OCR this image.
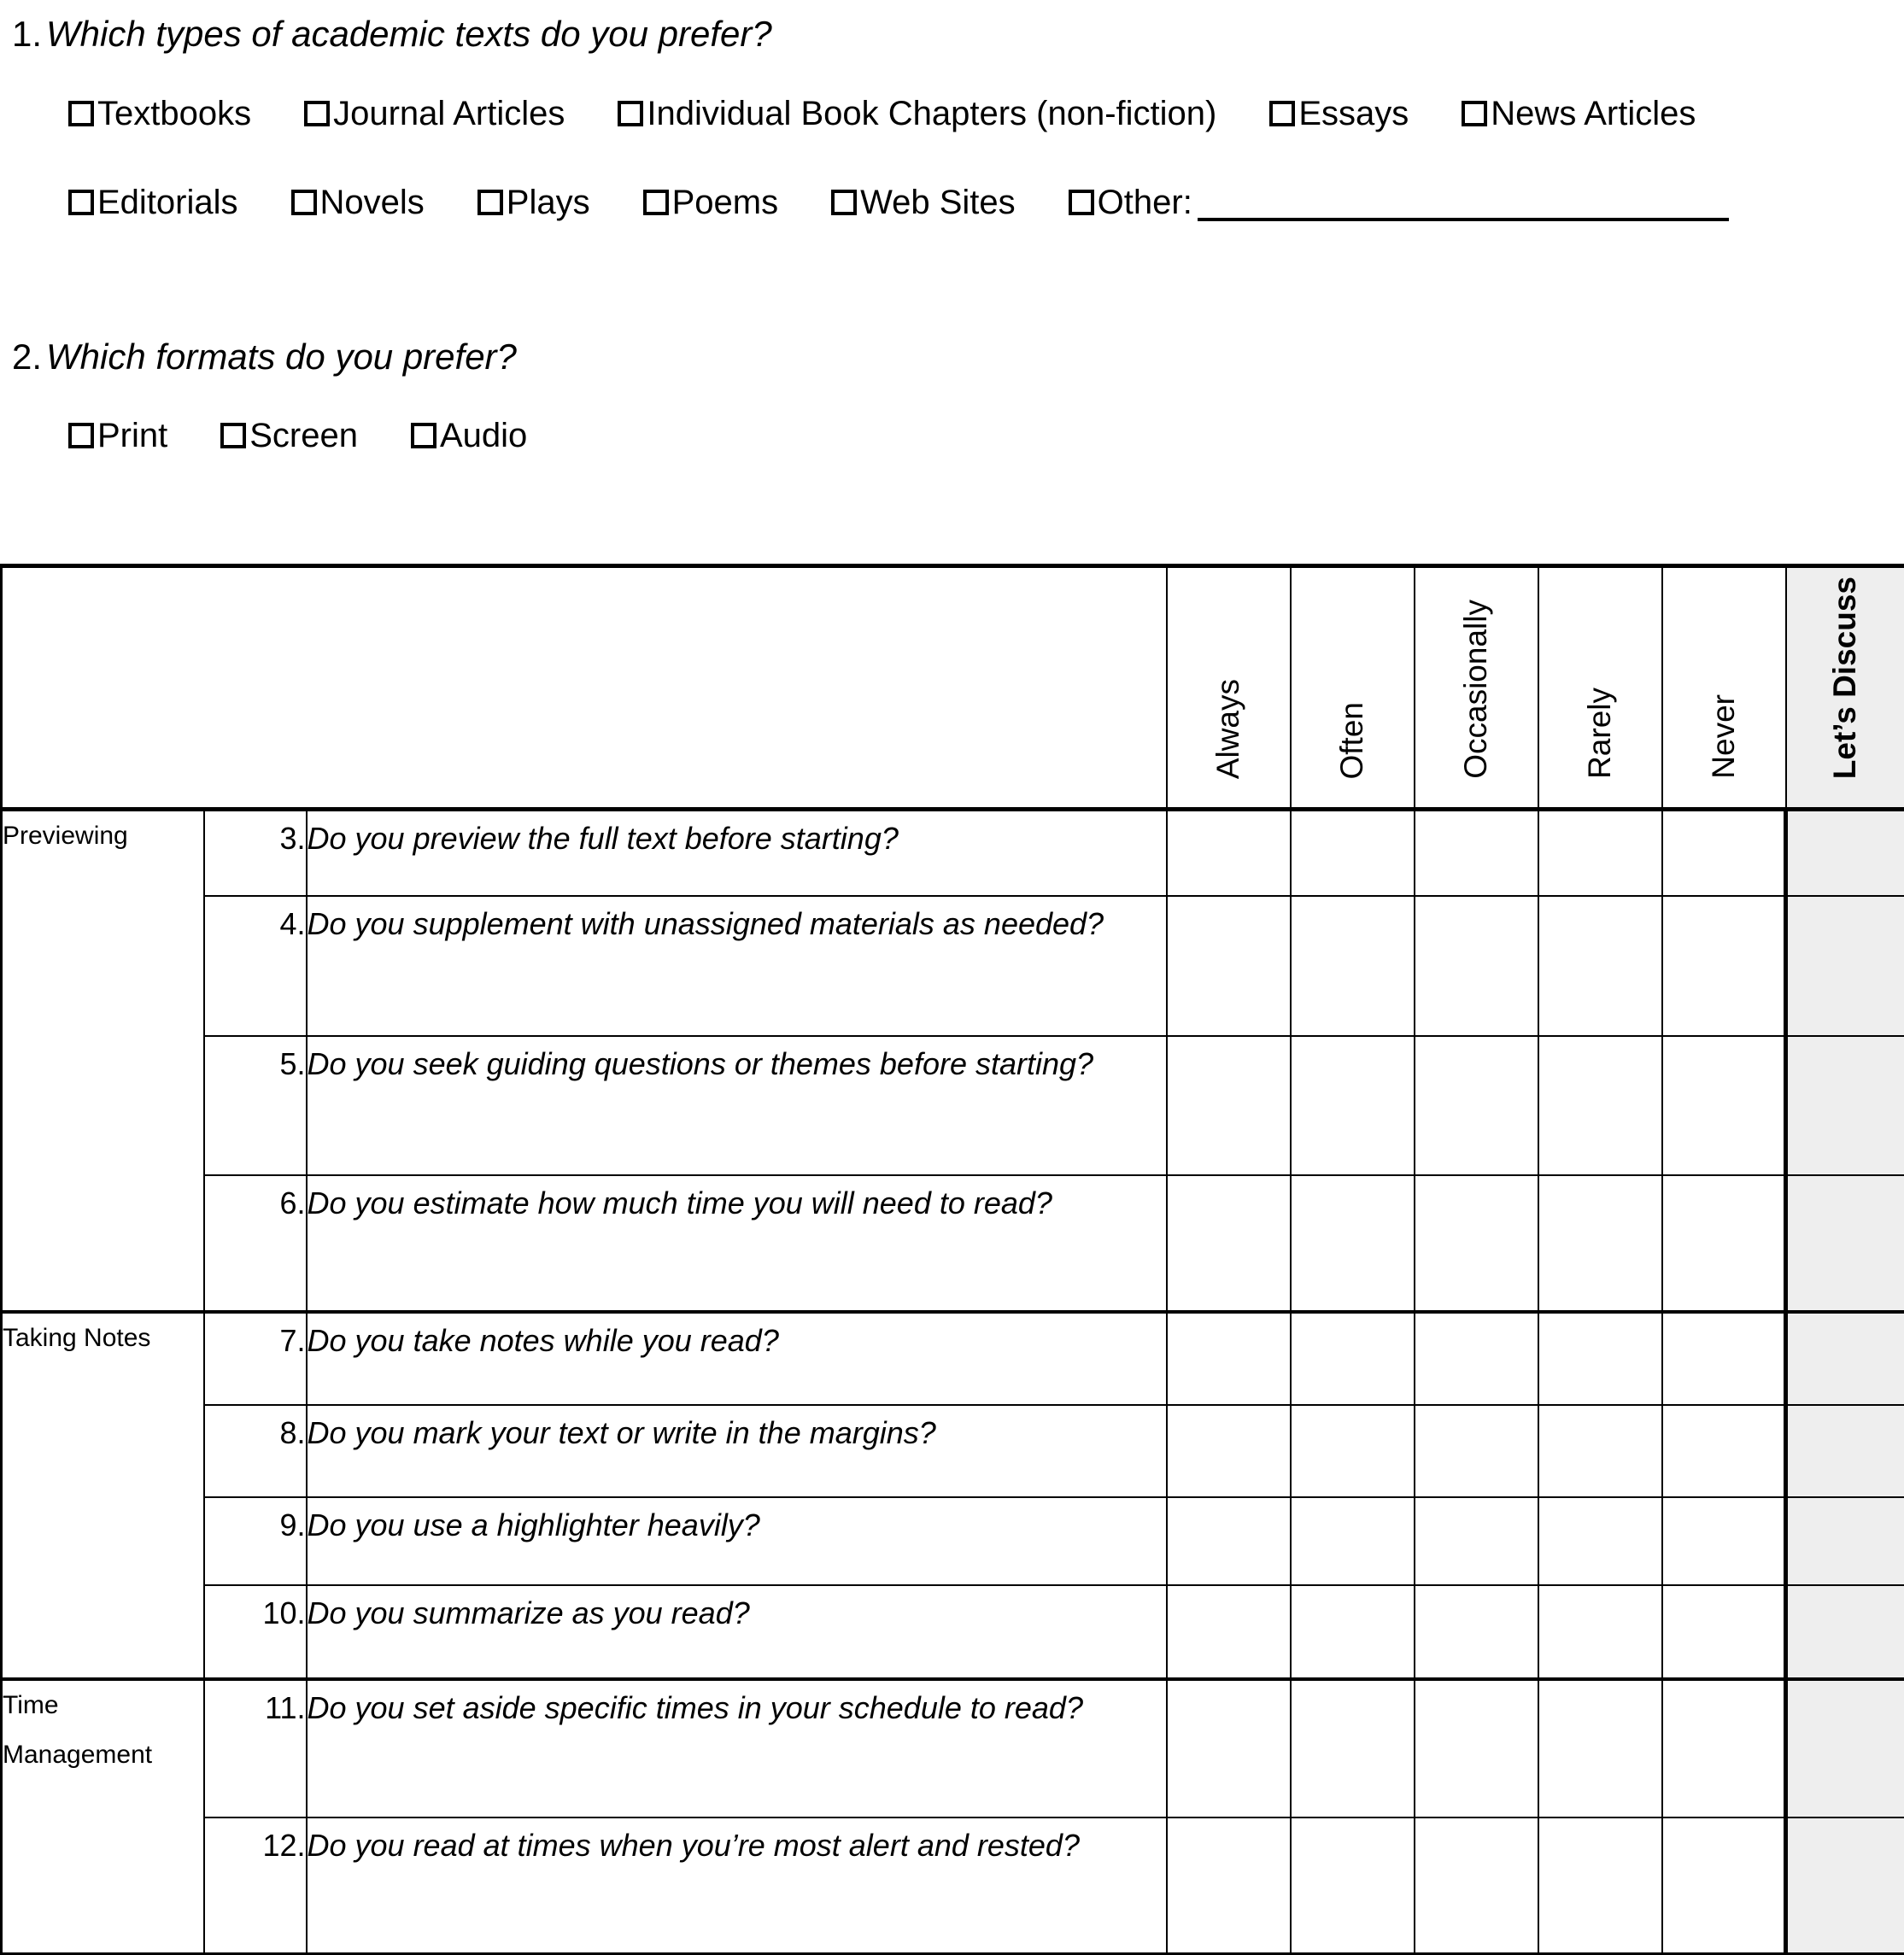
1. Which types of academic texts do you prefer?
Textbooks Journal Articles Individual Book Chapters (non-fiction) Essays News Articles
Editorials Novels Plays Poems Web Sites Other:
2. Which formats do you prefer?
Print Screen Audio
			Always	Often	Occasionally	Rarely	Never	Let’s Discuss
Previewing	3.	Do you preview the full text before starting?						
	4.	Do you supplement with unassigned materials as needed?						
	5.	Do you seek guiding questions or themes before starting?						
	6.	Do you estimate how much time you will need to read?						
Taking Notes	7.	Do you take notes while you read?						
	8.	Do you mark your text or write in the margins?						
	9.	Do you use a highlighter heavily?						
	10.	Do you summarize as you read?						
Time Management	11.	Do you set aside specific times in your schedule to read?						
	12.	Do you read at times when you’re most alert and rested?						
